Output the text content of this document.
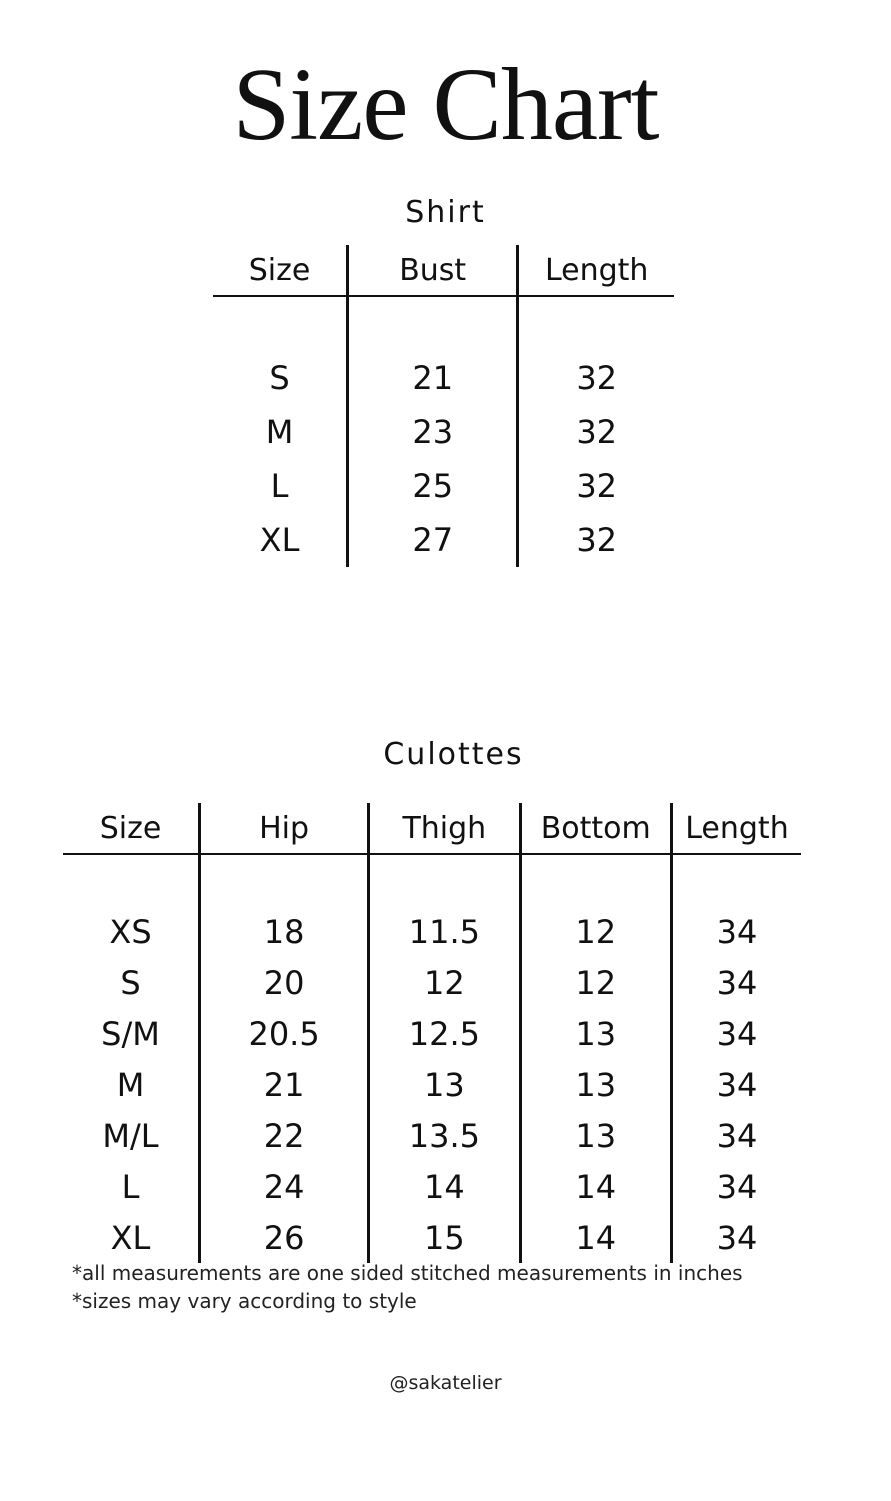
Size Chart
Shirt
Size	Bust	Length

S	21	32
M	23	32
L	25	32
XL	27	32
Culottes
Size	Hip	Thigh	Bottom	Length

XS	18	11.5	12	34
S	20	12	12	34
S/M	20.5	12.5	13	34
M	21	13	13	34
M/L	22	13.5	13	34
L	24	14	14	34
XL	26	15	14	34

*all measurements are one sided stitched measurements in inches

*sizes may vary according to style

@sakatelier
